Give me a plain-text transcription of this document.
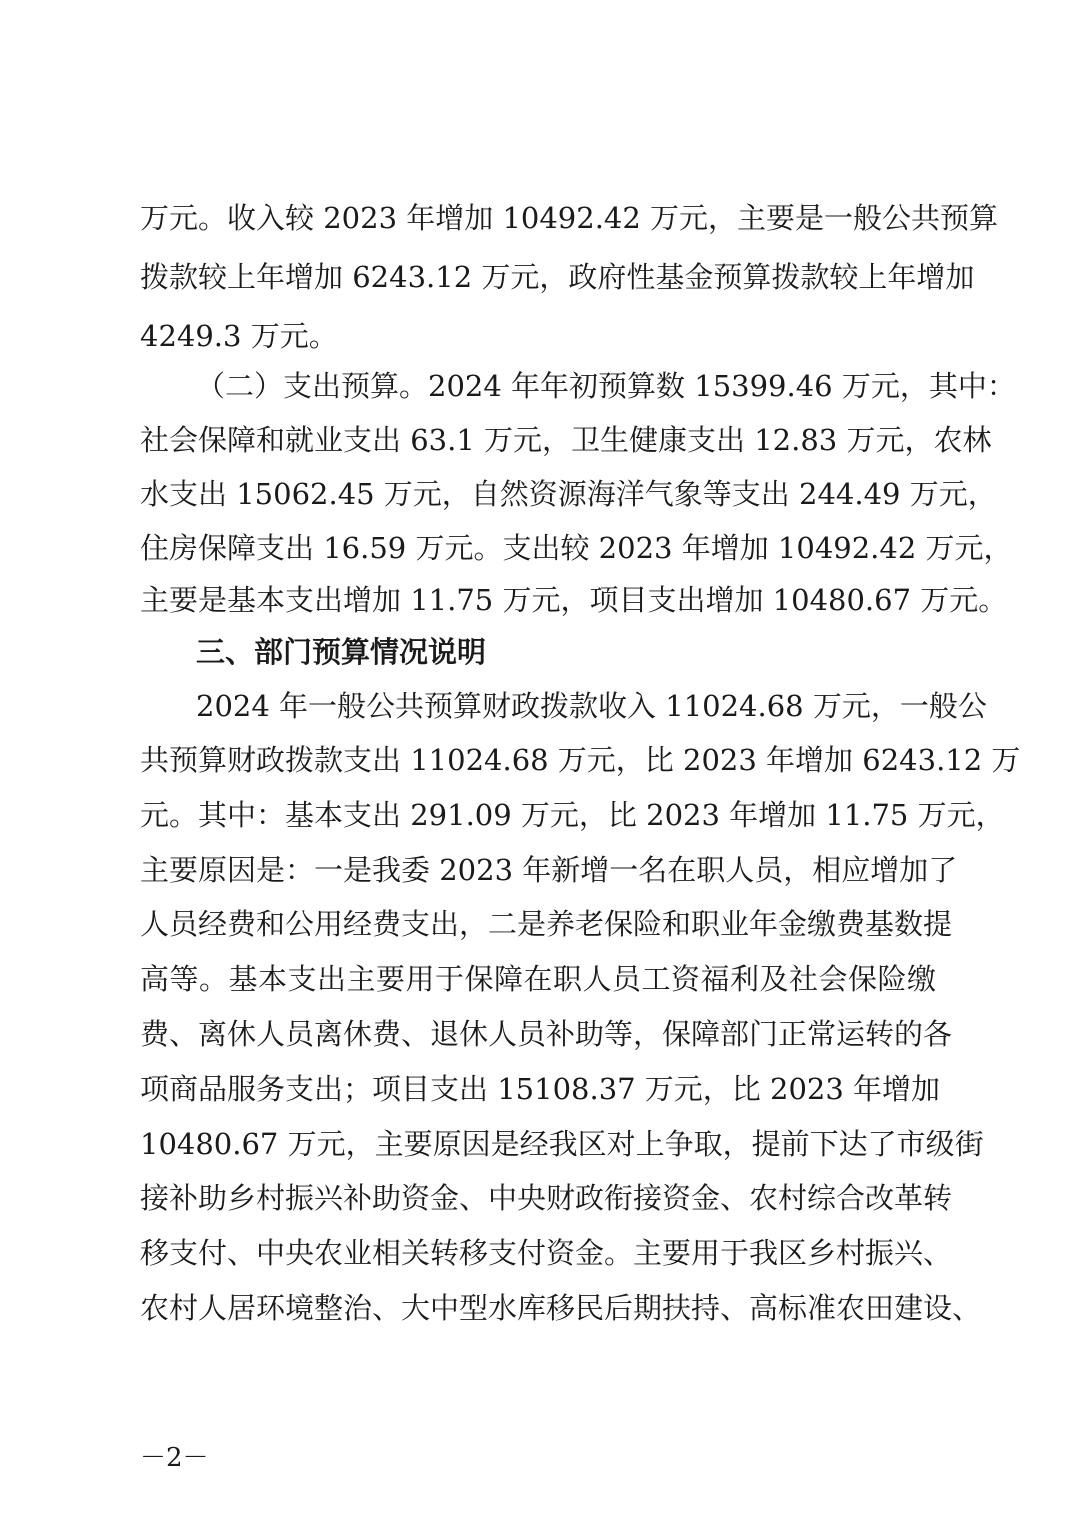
万元。收入较 2023 年增加 10492.42 万元，主要是一般公共预算
拨款较上年增加 6243.12 万元，政府性基金预算拨款较上年增加
4249.3 万元。
（二）支出预算。2024 年年初预算数 15399.46 万元，其中：
社会保障和就业支出 63.1 万元，卫生健康支出 12.83 万元，农林
水支出 15062.45 万元，自然资源海洋气象等支出 244.49 万元，
住房保障支出 16.59 万元。支出较 2023 年增加 10492.42 万元，
主要是基本支出增加 11.75 万元，项目支出增加 10480.67 万元。
三、部门预算情况说明
2024 年一般公共预算财政拨款收入 11024.68 万元，一般公
共预算财政拨款支出 11024.68 万元，比 2023 年增加 6243.12 万
元。其中：基本支出 291.09 万元，比 2023 年增加 11.75 万元，
主要原因是：一是我委 2023 年新增一名在职人员，相应增加了
人员经费和公用经费支出，二是养老保险和职业年金缴费基数提
高等。基本支出主要用于保障在职人员工资福利及社会保险缴
费、离休人员离休费、退休人员补助等，保障部门正常运转的各
项商品服务支出；项目支出 15108.37 万元，比 2023 年增加
10480.67 万元，主要原因是经我区对上争取，提前下达了市级街
接补助乡村振兴补助资金、中央财政衔接资金、农村综合改革转
移支付、中央农业相关转移支付资金。主要用于我区乡村振兴、
农村人居环境整治、大中型水库移民后期扶持、高标准农田建设、
－2－
